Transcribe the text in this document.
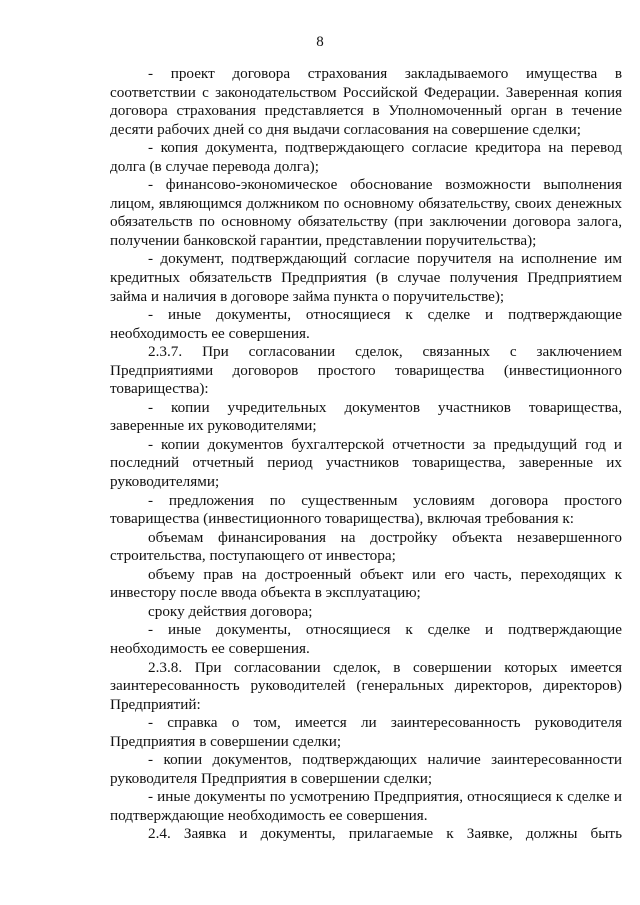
8

- проект договора страхования закладываемого имущества в соответствии с законодательством Российской Федерации. Заверенная копия договора страхования представляется в Уполномоченный орган в течение десяти рабочих дней со дня выдачи согласования на совершение сделки;

- копия документа, подтверждающего согласие кредитора на перевод долга (в случае перевода долга);

- финансово-экономическое обоснование возможности выполнения лицом, являющимся должником по основному обязательству, своих денежных обязательств по основному обязательству (при заключении договора залога, получении банковской гарантии, представлении поручительства);

- документ, подтверждающий согласие поручителя на исполнение им кредитных обязательств Предприятия (в случае получения Предприятием займа и наличия в договоре займа пункта о поручительстве);

- иные документы, относящиеся к сделке и подтверждающие необходимость ее совершения.

2.3.7. При согласовании сделок, связанных с заключением Предприятиями договоров простого товарищества (инвестиционного товарищества):

- копии учредительных документов участников товарищества, заверенные их руководителями;

- копии документов бухгалтерской отчетности за предыдущий год и последний отчетный период участников товарищества, заверенные их руководителями;

- предложения по существенным условиям договора простого товарищества (инвестиционного товарищества), включая требования к:

объемам финансирования на достройку объекта незавершенного строительства, поступающего от инвестора;

объему прав на достроенный объект или его часть, переходящих к инвестору после ввода объекта в эксплуатацию;

сроку действия договора;

- иные документы, относящиеся к сделке и подтверждающие необходимость ее совершения.

2.3.8. При согласовании сделок, в совершении которых имеется заинтересованность руководителей (генеральных директоров, директоров) Предприятий:

- справка о том, имеется ли заинтересованность руководителя Предприятия в совершении сделки;

- копии документов, подтверждающих наличие заинтересованности руководителя Предприятия в совершении сделки;

- иные документы по усмотрению Предприятия, относящиеся к сделке и подтверждающие необходимость ее совершения.

2.4. Заявка и документы, прилагаемые к Заявке, должны быть
